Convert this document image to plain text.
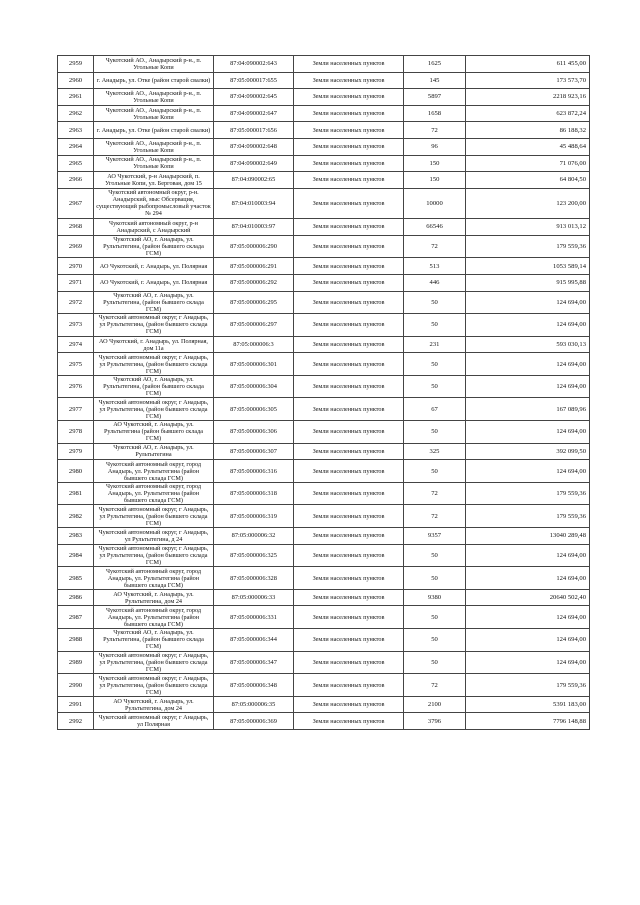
2959	Чукотский АО., Анадырский р-н., п. Угольные Копи	87:04:090002:643	Земли населенных пунктов	1625	611 455,00
2960	г. Анадырь, ул. Отке (район старой свалки)	87:05:000017:655	Земли населенных пунктов	145	173 573,70
2961	Чукотский АО., Анадырский р-н., п. Угольные Копи	87:04:090002:645	Земли населенных пунктов	5897	2218 923,16
2962	Чукотский АО., Анадырский р-н., п. Угольные Копи	87:04:090002:647	Земли населенных пунктов	1658	623 872,24
2963	г. Анадырь, ул. Отке (район старой свалки)	87:05:000017:656	Земли населенных пунктов	72	86 188,32
2964	Чукотский АО., Анадырский р-н., п. Угольные Копи	87:04:090002:648	Земли населенных пунктов	96	45 488,64
2965	Чукотский АО., Анадырский р-н., п. Угольные Копи	87:04:090002:649	Земли населенных пунктов	150	71 076,00
2966	АО Чукотский, р-н Анадырский, п. Угольные Копи, ул. Берговая, дом 15	87:04:090002:65	Земли населенных пунктов	150	64 804,50
2967	Чукотский автономный округ, р-н. Анадырский, мыс Обсервация, существующий рыбопромысловый участок № 294	87:04:010003:94	Земли населенных пунктов	10000	123 200,00
2968	Чукотский автономный округ, р-н Анадырский, с Анадырский	87:04:010003:97	Земли населенных пунктов	66546	913 013,12
2969	Чукотский АО, г. Анадырь, ул. Рультытегина, (район бывшего склада ГСМ)	87:05:000006:290	Земли населенных пунктов	72	179 559,36
2970	АО Чукотский, г. Анадырь, ул. Полярная	87:05:000006:291	Земли населенных пунктов	513	1053 589,14
2971	АО Чукотский, г. Анадырь, ул. Полярная	87:05:000006:292	Земли населенных пунктов	446	915 995,88
2972	Чукотский АО, г. Анадырь, ул. Рультытегина, (район бывшего склада ГСМ)	87:05:000006:295	Земли населенных пунктов	50	124 694,00
2973	Чукотский автономный округ, г Анадырь, ул Рультытегина, (район бывшего склада ГСМ)	87:05:000006:297	Земли населенных пунктов	50	124 694,00
2974	АО Чукотский, г. Анадырь, ул. Полярная, дом 11а	87:05:000006:3	Земли населенных пунктов	231	593 030,13
2975	Чукотский автономный округ, г Анадырь, ул Рультытегина, (район бывшего склада ГСМ)	87:05:000006:301	Земли населенных пунктов	50	124 694,00
2976	Чукотский АО, г. Анадырь, ул. Рультытегина, (район бывшего склада ГСМ)	87:05:000006:304	Земли населенных пунктов	50	124 694,00
2977	Чукотский автономный округ, г Анадырь, ул Рультытегина, (район бывшего склада ГСМ)	87:05:000006:305	Земли населенных пунктов	67	167 089,96
2978	АО Чукотский, г. Анадырь, ул. Рультытегина (район бывшего склада ГСМ)	87:05:000006:306	Земли населенных пунктов	50	124 694,00
2979	Чукотский АО, г. Анадырь, ул. Рультытегина	87:05:000006:307	Земли населенных пунктов	325	392 099,50
2980	Чукотский автономный округ, город Анадырь, ул. Рультытегина (район бывшего склада ГСМ)	87:05:000006:316	Земли населенных пунктов	50	124 694,00
2981	Чукотский автономный округ, город Анадырь, ул. Рультытегина (район бывшего склада ГСМ)	87:05:000006:318	Земли населенных пунктов	72	179 559,36
2982	Чукотский автономный округ, г Анадырь, ул Рультытегина, (район бывшего склада ГСМ)	87:05:000006:319	Земли населенных пунктов	72	179 559,36
2983	Чукотский автономный округ, г Анадырь, ул Рультытегина, д 24	87:05:000006:32	Земли населенных пунктов	9357	13040 289,48
2984	Чукотский автономный округ, г Анадырь, ул Рультытегина, (район бывшего склада ГСМ)	87:05:000006:325	Земли населенных пунктов	50	124 694,00
2985	Чукотский автономный округ, город Анадырь, ул. Рультытегина (район бывшего склада ГСМ)	87:05:000006:328	Земли населенных пунктов	50	124 694,00
2986	АО Чукотский, г. Анадырь, ул. Рультытегина, дом 24	87:05:000006:33	Земли населенных пунктов	9380	20640 502,40
2987	Чукотский автономный округ, город Анадырь, ул. Рультытегина (район бывшего склада ГСМ)	87:05:000006:331	Земли населенных пунктов	50	124 694,00
2988	Чукотский АО, г. Анадырь, ул. Рультытегина, (район бывшего склада ГСМ)	87:05:000006:344	Земли населенных пунктов	50	124 694,00
2989	Чукотский автономный округ, г Анадырь, ул Рультытегина, (район бывшего склада ГСМ)	87:05:000006:347	Земли населенных пунктов	50	124 694,00
2990	Чукотский автономный округ, г Анадырь, ул Рультытегина, (район бывшего склада ГСМ)	87:05:000006:348	Земли населенных пунктов	72	179 559,36
2991	АО Чукотский, г. Анадырь, ул. Рультытегина, дом 24	87:05:000006:35	Земли населенных пунктов	2100	5391 183,00
2992	Чукотский автономный округ, г Анадырь, ул Полярная	87:05:000006:369	Земли населенных пунктов	3796	7796 148,88
